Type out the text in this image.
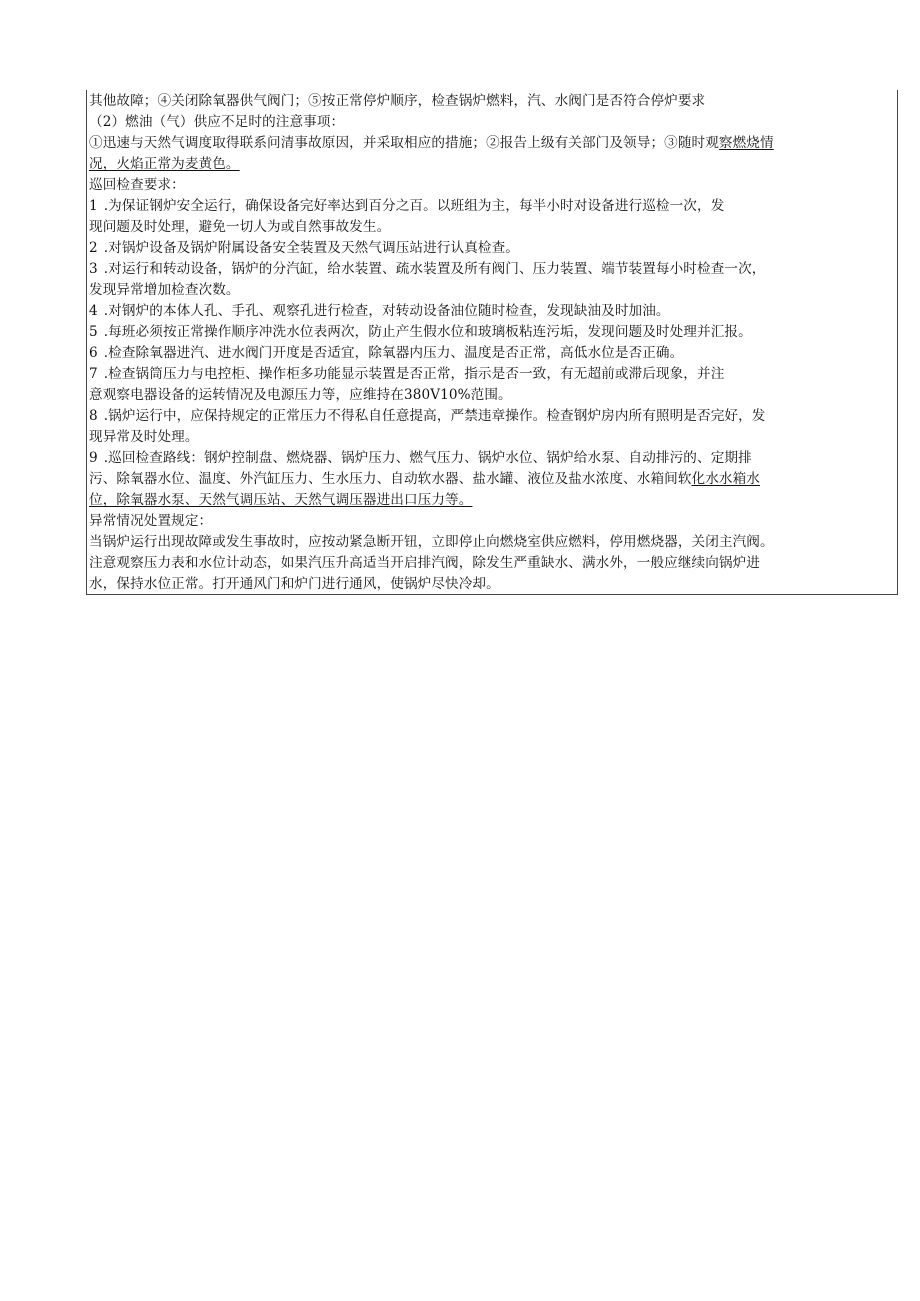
其他故障；④关闭除氧器供气阀门；⑤按正常停炉顺序，检查锅炉燃料，汽、水阀门是否符合停炉要求
（2）燃油（气）供应不足时的注意事项：
①迅速与天然气调度取得联系问清事故原因，并采取相应的措施；②报告上级有关部门及领导；③随时观察燃烧情
况，火焰正常为麦黄色。
巡回检查要求：
1 .为保证钢炉安全运行，确保设备完好率达到百分之百。以班组为主，每半小时对设备进行巡检一次，发
现问题及时处理，避免一切人为或自然事故发生。
2 .对锅炉设备及锅炉附属设备安全装置及天然气调压站进行认真检查。
3 .对运行和转动设备，锅炉的分汽缸，给水装置、疏水装置及所有阀门、压力装置、端节装置每小时检查一次，
发现异常增加检查次数。
4 .对钢炉的本体人孔、手孔、观察孔进行检查，对转动设备油位随时检查，发现缺油及时加油。
5 .每班必须按正常操作顺序冲洗水位表两次，防止产生假水位和玻璃板粘连污垢，发现问题及时处理并汇报。
6 .检查除氧器进汽、进水阀门开度是否适宜，除氧器内压力、温度是否正常，高低水位是否正确。
7 .检查锅筒压力与电控柜、操作柜多功能显示装置是否正常，指示是否一致，有无超前或滞后现象，并注
意观察电器设备的运转情况及电源压力等，应维持在380V10%范围。
8 .锅炉运行中，应保持规定的正常压力不得私自任意提高，严禁违章操作。检查钢炉房内所有照明是否完好，发
现异常及时处理。
9 .巡回检查路线：钢炉控制盘、燃烧器、锅炉压力、燃气压力、锅炉水位、锅炉给水泵、自动排污的、定期排
污、除氧器水位、温度、外汽缸压力、生水压力、自动软水器、盐水罐、液位及盐水浓度、水箱间软化水水箱水
位，除氧器水泵、天然气调压站、天然气调压器进出口压力等。
异常情况处置规定：
当锅炉运行出现故障或发生事故时，应按动紧急断开钮，立即停止向燃烧室供应燃料，停用燃烧器，关闭主汽阀。
注意观察压力表和水位计动态，如果汽压升高适当开启排汽阀，除发生严重缺水、满水外，一般应继续向锅炉进
水，保持水位正常。打开通风门和炉门进行通风，使锅炉尽快冷却。
